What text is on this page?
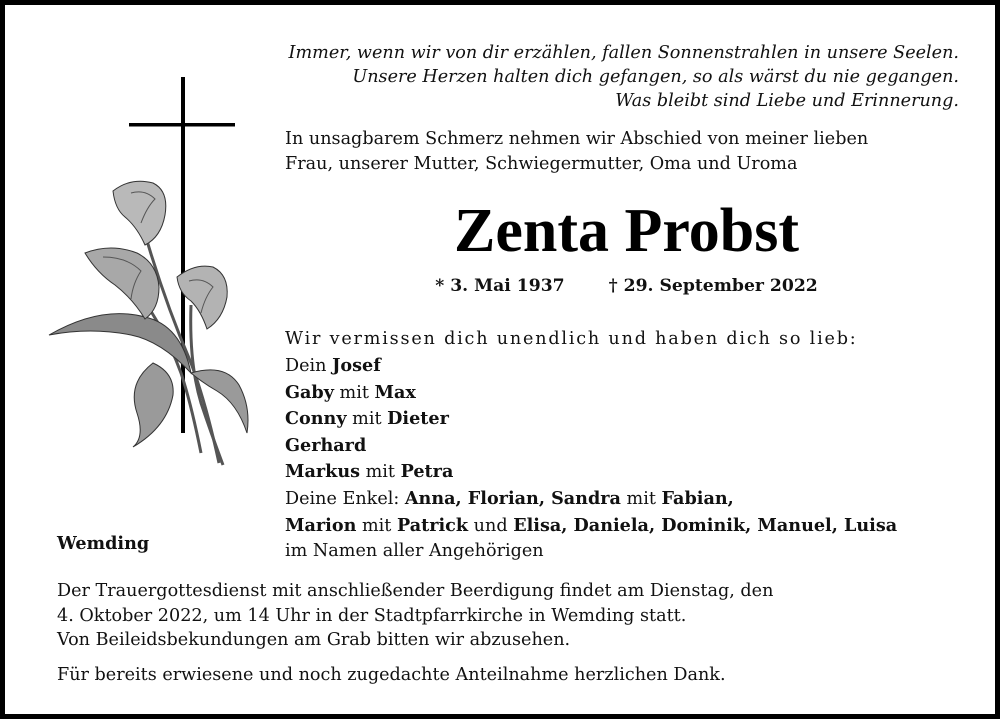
Immer, wenn wir von dir erzählen, fallen Sonnenstrahlen in unsere Seelen.
Unsere Herzen halten dich gefangen, so als wärst du nie gegangen.
Was bleibt sind Liebe und Erinnerung.
In unsagbarem Schmerz nehmen wir Abschied von meiner lieben
Frau, unserer Mutter, Schwiegermutter, Oma und Uroma
Zenta Probst
* 3. Mai 1937	† 29. September 2022
Wir vermissen dich unendlich und haben dich so lieb:
Dein Josef
Gaby mit Max
Conny mit Dieter
Gerhard
Markus mit Petra
Deine Enkel: Anna, Florian, Sandra mit Fabian,
Marion mit Patrick und Elisa, Daniela, Dominik, Manuel, Luisa
im Namen aller Angehörigen
Wemding
Der Trauergottesdienst mit anschließender Beerdigung findet am Dienstag, den
4. Oktober 2022, um 14 Uhr in der Stadtpfarrkirche in Wemding statt.
Von Beileidsbekundungen am Grab bitten wir abzusehen.
Für bereits erwiesene und noch zugedachte Anteilnahme herzlichen Dank.
